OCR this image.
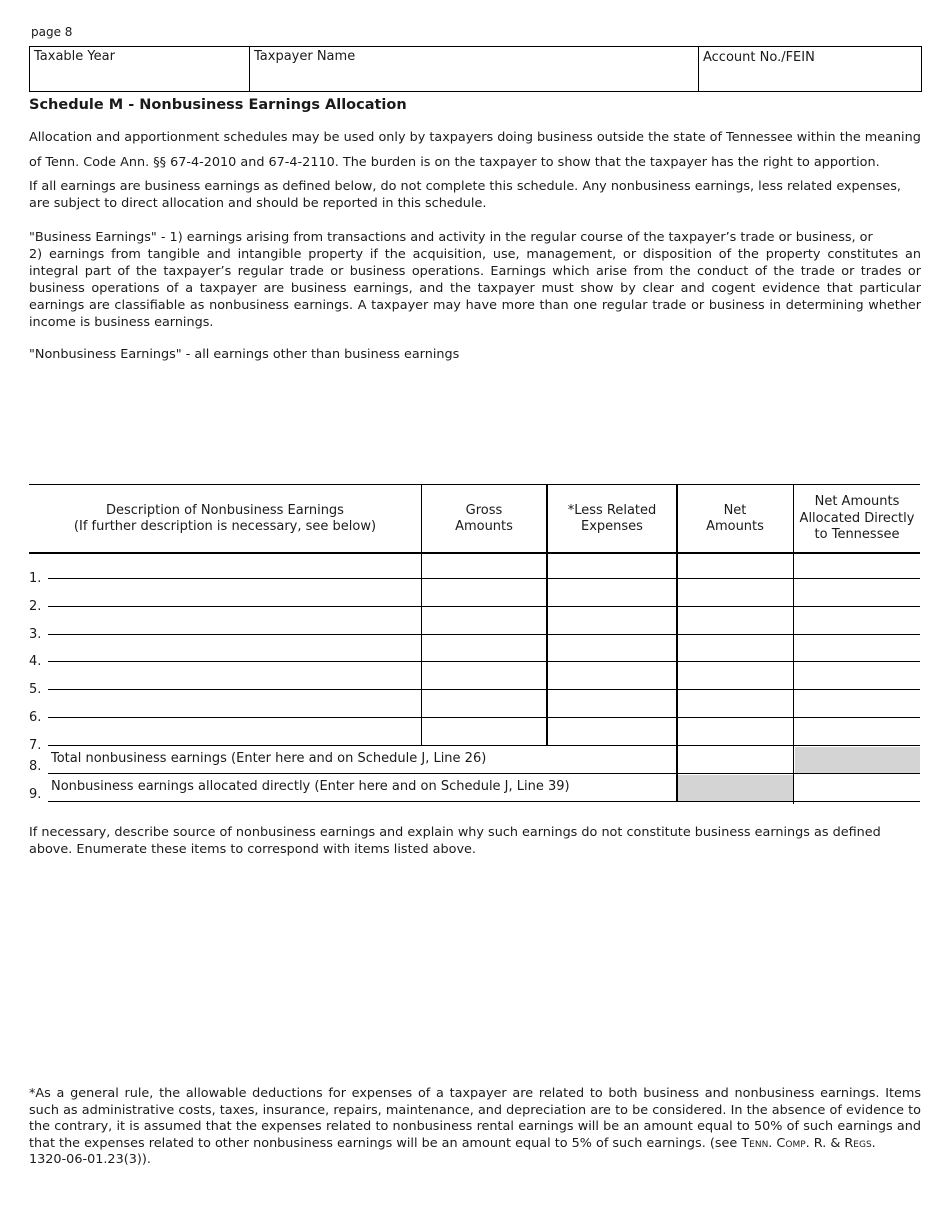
page 8
Taxable Year	Taxpayer Name	Account No./FEIN
Schedule M - Nonbusiness Earnings Allocation
Allocation and apportionment schedules may be used only by taxpayers doing business outside the state of Tennessee within the meaning of Tenn. Code Ann. §§ 67-4-2010 and 67-4-2110. The burden is on the taxpayer to show that the taxpayer has the right to apportion.
If all earnings are business earnings as defined below, do not complete this schedule. Any nonbusiness earnings, less related expenses, are subject to direct allocation and should be reported in this schedule.
"Business Earnings" - 1) earnings arising from transactions and activity in the regular course of the taxpayer’s trade or business, or
2) earnings from tangible and intangible property if the acquisition, use, management, or disposition of the property constitutes an integral part of the taxpayer’s regular trade or business operations. Earnings which arise from the conduct of the trade or trades or business operations of a taxpayer are business earnings, and the taxpayer must show by clear and cogent evidence that particular earnings are classifiable as nonbusiness earnings. A taxpayer may have more than one regular trade or business in determining whether income is business earnings.
"Nonbusiness Earnings" - all earnings other than business earnings
Description of Nonbusiness Earnings
(If further description is necessary, see below)
Gross
Amounts
*Less Related
Expenses
Net
Amounts
Net Amounts
Allocated Directly
to Tennessee
1.
2.
3.
4.
5.
6.
7.
8.
Total nonbusiness earnings (Enter here and on Schedule J, Line 26)
9.
Nonbusiness earnings allocated directly (Enter here and on Schedule J, Line 39)
If necessary, describe source of nonbusiness earnings and explain why such earnings do not constitute business earnings as defined above. Enumerate these items to correspond with items listed above.
*As a general rule, the allowable deductions for expenses of a taxpayer are related to both business and nonbusiness earnings. Items such as administrative costs, taxes, insurance, repairs, maintenance, and depreciation are to be considered. In the absence of evidence to the contrary, it is assumed that the expenses related to nonbusiness rental earnings will be an amount equal to 50% of such earnings and that the expenses related to other nonbusiness earnings will be an amount equal to 5% of such earnings. (see Tenn. Comp. R. & Regs.
1320-06-01.23(3)).
